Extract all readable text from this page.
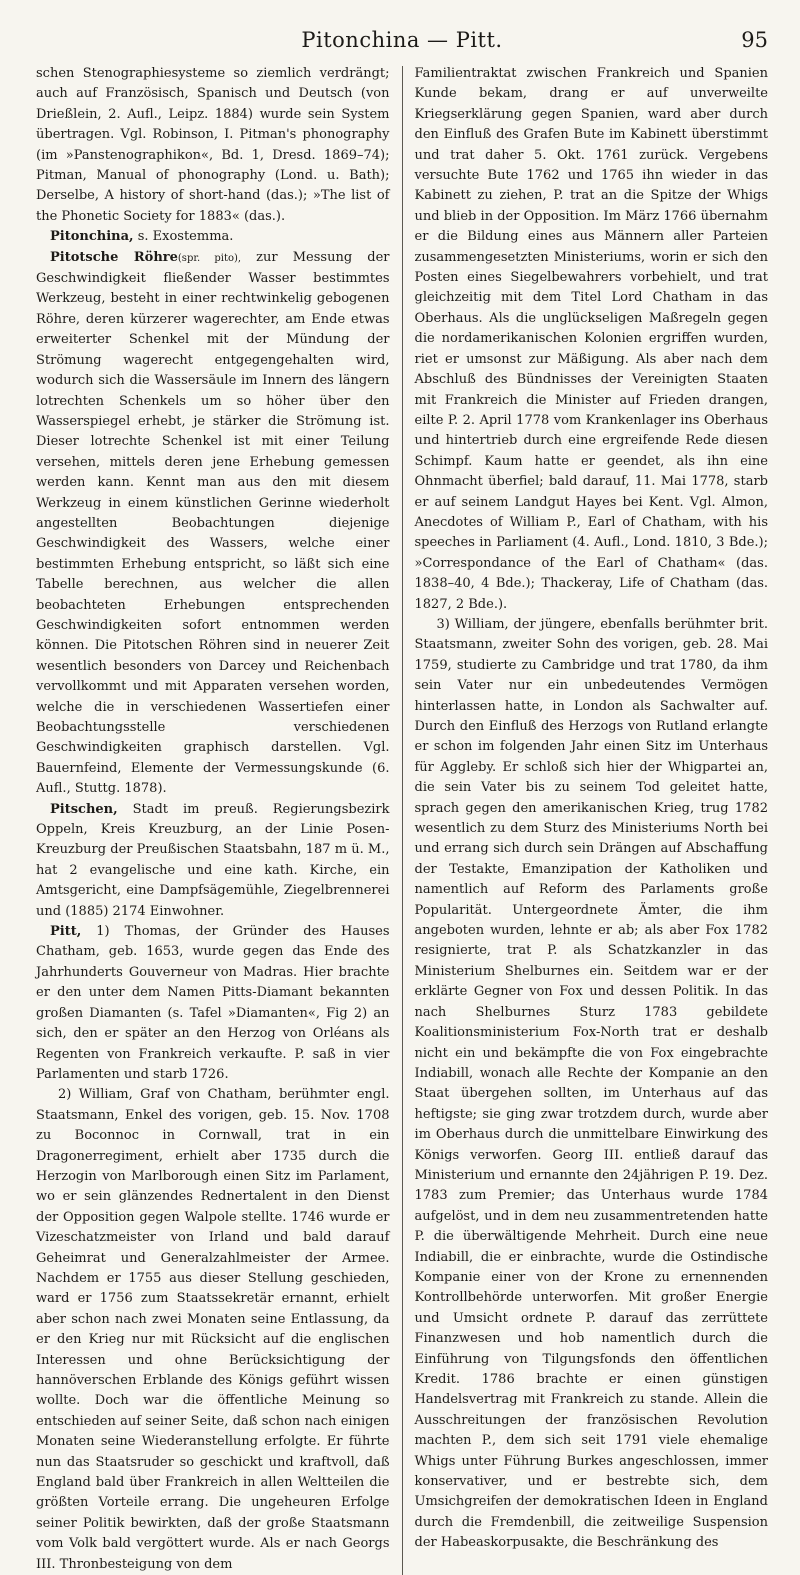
Pitonchina — Pitt.	95

schen Stenographiesysteme so ziemlich verdrängt; auch auf Französisch, Spanisch und Deutsch (von Drießlein, 2. Aufl., Leipz. 1884) wurde sein System übertragen. Vgl. Robinson, I. Pitman's phonography (im »Panstenographikon«, Bd. 1, Dresd. 1869–74); Pitman, Manual of phonography (Lond. u. Bath); Derselbe, A history of short-hand (das.); »The list of the Phonetic Society for 1883« (das.).

Pitonchina, s. Exostemma.

Pitotsche Röhre(spr. pito), zur Messung der Geschwindigkeit fließender Wasser bestimmtes Werkzeug, besteht in einer rechtwinkelig gebogenen Röhre, deren kürzerer wagerechter, am Ende etwas erweiterter Schenkel mit der Mündung der Strömung wagerecht entgegengehalten wird, wodurch sich die Wassersäule im Innern des längern lotrechten Schenkels um so höher über den Wasserspiegel erhebt, je stärker die Strömung ist. Dieser lotrechte Schenkel ist mit einer Teilung versehen, mittels deren jene Erhebung gemessen werden kann. Kennt man aus den mit diesem Werkzeug in einem künstlichen Gerinne wiederholt angestellten Beobachtungen diejenige Geschwindigkeit des Wassers, welche einer bestimmten Erhebung entspricht, so läßt sich eine Tabelle berechnen, aus welcher die allen beobachteten Erhebungen entsprechenden Geschwindigkeiten sofort entnommen werden können. Die Pitotschen Röhren sind in neuerer Zeit wesentlich besonders von Darcey und Reichenbach vervollkommt und mit Apparaten versehen worden, welche die in verschiedenen Wassertiefen einer Beobachtungsstelle verschiedenen Geschwindigkeiten graphisch darstellen. Vgl. Bauernfeind, Elemente der Vermessungskunde (6. Aufl., Stuttg. 1878).

Pitschen, Stadt im preuß. Regierungsbezirk Oppeln, Kreis Kreuzburg, an der Linie Posen-Kreuzburg der Preußischen Staatsbahn, 187 m ü. M., hat 2 evangelische und eine kath. Kirche, ein Amtsgericht, eine Dampfsägemühle, Ziegelbrennerei und (1885) 2174 Einwohner.

Pitt, 1) Thomas, der Gründer des Hauses Chatham, geb. 1653, wurde gegen das Ende des Jahrhunderts Gouverneur von Madras. Hier brachte er den unter dem Namen Pitts-Diamant bekannten großen Diamanten (s. Tafel »Diamanten«, Fig 2) an sich, den er später an den Herzog von Orléans als Regenten von Frankreich verkaufte. P. saß in vier Parlamenten und starb 1726.

2) William, Graf von Chatham, berühmter engl. Staatsmann, Enkel des vorigen, geb. 15. Nov. 1708 zu Boconnoc in Cornwall, trat in ein Dragonerregiment, erhielt aber 1735 durch die Herzogin von Marlborough einen Sitz im Parlament, wo er sein glänzendes Rednertalent in den Dienst der Opposition gegen Walpole stellte. 1746 wurde er Vizeschatzmeister von Irland und bald darauf Geheimrat und Generalzahlmeister der Armee. Nachdem er 1755 aus dieser Stellung geschieden, ward er 1756 zum Staatssekretär ernannt, erhielt aber schon nach zwei Monaten seine Entlassung, da er den Krieg nur mit Rücksicht auf die englischen Interessen und ohne Berücksichtigung der hannöverschen Erblande des Königs geführt wissen wollte. Doch war die öffentliche Meinung so entschieden auf seiner Seite, daß schon nach einigen Monaten seine Wiederanstellung erfolgte. Er führte nun das Staatsruder so geschickt und kraftvoll, daß England bald über Frankreich in allen Weltteilen die größten Vorteile errang. Die ungeheuren Erfolge seiner Politik bewirkten, daß der große Staatsmann vom Volk bald vergöttert wurde. Als er nach Georgs III. Thronbesteigung von dem

Familientraktat zwischen Frankreich und Spanien Kunde bekam, drang er auf unverweilte Kriegserklärung gegen Spanien, ward aber durch den Einfluß des Grafen Bute im Kabinett überstimmt und trat daher 5. Okt. 1761 zurück. Vergebens versuchte Bute 1762 und 1765 ihn wieder in das Kabinett zu ziehen, P. trat an die Spitze der Whigs und blieb in der Opposition. Im März 1766 übernahm er die Bildung eines aus Männern aller Parteien zusammengesetzten Ministeriums, worin er sich den Posten eines Siegelbewahrers vorbehielt, und trat gleichzeitig mit dem Titel Lord Chatham in das Oberhaus. Als die unglückseligen Maßregeln gegen die nordamerikanischen Kolonien ergriffen wurden, riet er umsonst zur Mäßigung. Als aber nach dem Abschluß des Bündnisses der Vereinigten Staaten mit Frankreich die Minister auf Frieden drangen, eilte P. 2. April 1778 vom Krankenlager ins Oberhaus und hintertrieb durch eine ergreifende Rede diesen Schimpf. Kaum hatte er geendet, als ihn eine Ohnmacht überfiel; bald darauf, 11. Mai 1778, starb er auf seinem Landgut Hayes bei Kent. Vgl. Almon, Anecdotes of William P., Earl of Chatham, with his speeches in Parliament (4. Aufl., Lond. 1810, 3 Bde.); »Correspondance of the Earl of Chatham« (das. 1838–40, 4 Bde.); Thackeray, Life of Chatham (das. 1827, 2 Bde.).

3) William, der jüngere, ebenfalls berühmter brit. Staatsmann, zweiter Sohn des vorigen, geb. 28. Mai 1759, studierte zu Cambridge und trat 1780, da ihm sein Vater nur ein unbedeutendes Vermögen hinterlassen hatte, in London als Sachwalter auf. Durch den Einfluß des Herzogs von Rutland erlangte er schon im folgenden Jahr einen Sitz im Unterhaus für Aggleby. Er schloß sich hier der Whigpartei an, die sein Vater bis zu seinem Tod geleitet hatte, sprach gegen den amerikanischen Krieg, trug 1782 wesentlich zu dem Sturz des Ministeriums North bei und errang sich durch sein Drängen auf Abschaffung der Testakte, Emanzipation der Katholiken und namentlich auf Reform des Parlaments große Popularität. Untergeordnete Ämter, die ihm angeboten wurden, lehnte er ab; als aber Fox 1782 resignierte, trat P. als Schatzkanzler in das Ministerium Shelburnes ein. Seitdem war er der erklärte Gegner von Fox und dessen Politik. In das nach Shelburnes Sturz 1783 gebildete Koalitionsministerium Fox-North trat er deshalb nicht ein und bekämpfte die von Fox eingebrachte Indiabill, wonach alle Rechte der Kompanie an den Staat übergehen sollten, im Unterhaus auf das heftigste; sie ging zwar trotzdem durch, wurde aber im Oberhaus durch die unmittelbare Einwirkung des Königs verworfen. Georg III. entließ darauf das Ministerium und ernannte den 24jährigen P. 19. Dez. 1783 zum Premier; das Unterhaus wurde 1784 aufgelöst, und in dem neu zusammentretenden hatte P. die überwältigende Mehrheit. Durch eine neue Indiabill, die er einbrachte, wurde die Ostindische Kompanie einer von der Krone zu ernennenden Kontrollbehörde unterworfen. Mit großer Energie und Umsicht ordnete P. darauf das zerrüttete Finanzwesen und hob namentlich durch die Einführung von Tilgungsfonds den öffentlichen Kredit. 1786 brachte er einen günstigen Handelsvertrag mit Frankreich zu stande. Allein die Ausschreitungen der französischen Revolution machten P., dem sich seit 1791 viele ehemalige Whigs unter Führung Burkes angeschlossen, immer konservativer, und er bestrebte sich, dem Umsichgreifen der demokratischen Ideen in England durch die Fremdenbill, die zeitweilige Suspension der Habeaskorpusakte, die Beschränkung des
